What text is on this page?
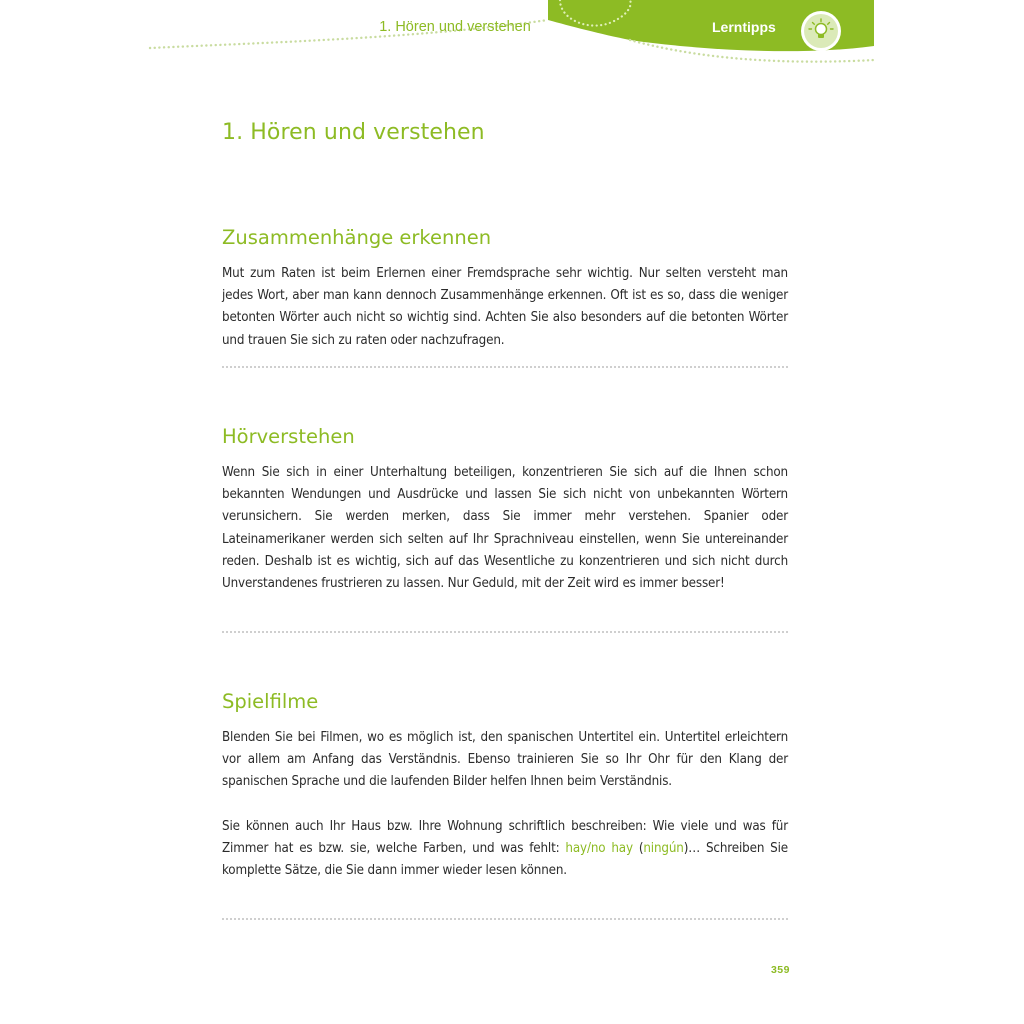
1. Hören und verstehen	Lerntipps
1. Hören und verstehen
Zusammenhänge erkennen

Mut zum Raten ist beim Erlernen einer Fremdsprache sehr wichtig. Nur selten versteht man jedes Wort, aber man kann dennoch Zusammenhänge erkennen. Oft ist es so, dass die weniger betonten Wörter auch nicht so wichtig sind. Achten Sie also besonders auf die betonten Wörter und trauen Sie sich zu raten oder nachzufragen.

Hörverstehen

Wenn Sie sich in einer Unterhaltung beteiligen, konzentrieren Sie sich auf die Ihnen schon bekannten Wendungen und Ausdrücke und lassen Sie sich nicht von unbekannten Wörtern verunsichern. Sie werden merken, dass Sie immer mehr verstehen. Spanier oder Lateinamerikaner werden sich selten auf Ihr Sprachniveau einstellen, wenn Sie untereinander reden. Deshalb ist es wichtig, sich auf das Wesentliche zu konzentrieren und sich nicht durch Unverstandenes frustrieren zu lassen. Nur Geduld, mit der Zeit wird es immer besser!

Spielfilme

Blenden Sie bei Filmen, wo es möglich ist, den spanischen Untertitel ein. Untertitel erleichtern vor allem am Anfang das Verständnis. Ebenso trainieren Sie so Ihr Ohr für den Klang der spanischen Sprache und die laufenden Bilder helfen Ihnen beim Verständnis.

Sie können auch Ihr Haus bzw. Ihre Wohnung schriftlich beschreiben: Wie viele und was für Zimmer hat es bzw. sie, welche Farben, und was fehlt: hay/no hay (ningún)… Schreiben Sie komplette Sätze, die Sie dann immer wieder lesen können.

359
